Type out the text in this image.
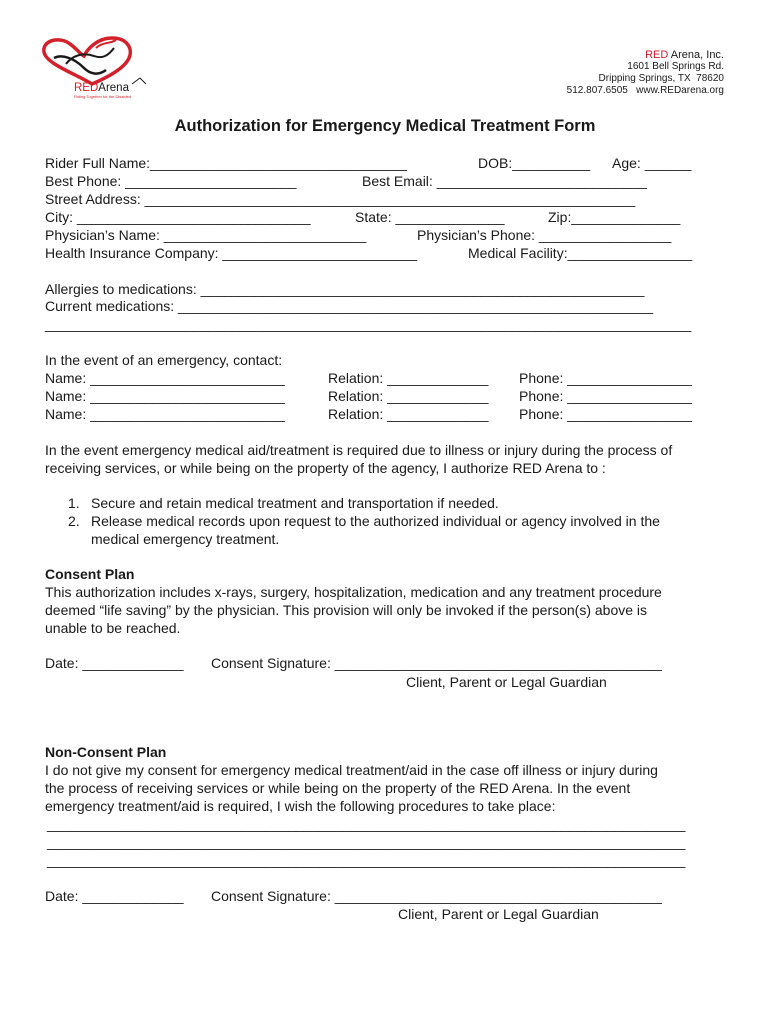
REDArena
Riding Together for the Disabled
RED Arena, Inc.
1601 Bell Springs Rd.
Dripping Springs, TX  78620
512.807.6505   www.REDarena.org
Authorization for Emergency Medical Treatment Form
Rider Full Name:_________________________________	DOB:__________ Age: ______
Best Phone: ______________________	Best Email: ___________________________
Street Address: _______________________________________________________________
City: ______________________________	State: ______________	Zip:______________
Physician’s Name: __________________________	Physician’s Phone: _________________
Health Insurance Company: _________________________	Medical Facility:________________
Allergies to medications: _________________________________________________________
Current medications: _____________________________________________________________
___________________________________________________________________________________
In the event of an emergency, contact:
Name: _________________________	Relation: _____________ Phone: ________________
Name: _________________________	Relation: _____________ Phone: ________________
Name: _________________________	Relation: _____________ Phone: ________________
In the event emergency medical aid/treatment is required due to illness or injury during the process of
receiving services, or while being on the property of the agency, I authorize RED Arena to :
1. Secure and retain medical treatment and transportation if needed.
2. Release medical records upon request to the authorized individual or agency involved in the
medical emergency treatment.
Consent Plan
This authorization includes x-rays, surgery, hospitalization, medication and any treatment procedure
deemed “life saving” by the physician. This provision will only be invoked if the person(s) above is
unable to be reached.
Date: _____________ Consent Signature: __________________________________________
Client, Parent or Legal Guardian
Non-Consent Plan
I do not give my consent for emergency medical treatment/aid in the case off illness or injury during
the process of receiving services or while being on the property of the RED Arena. In the event
emergency treatment/aid is required, I wish the following procedures to take place:
__________________________________________________________________________________
__________________________________________________________________________________
__________________________________________________________________________________
Date: _____________ Consent Signature: __________________________________________
Client, Parent or Legal Guardian
